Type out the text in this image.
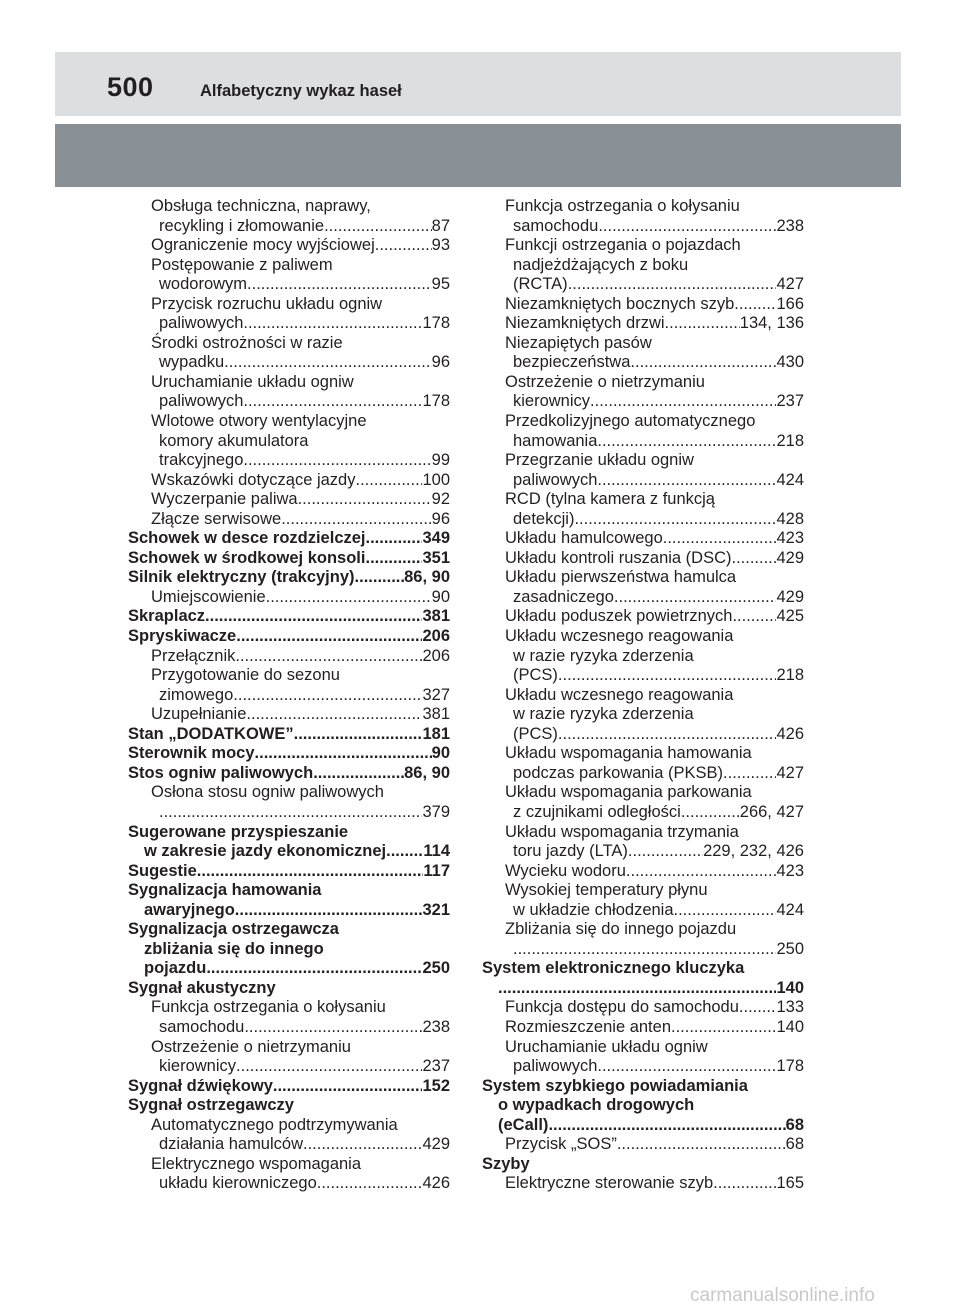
500	Alfabetyczny wykaz haseł
Obsługa techniczna, naprawy,
recykling i złomowanie .....	87
Ograniczenie mocy wyjściowej .....	93
Postępowanie z paliwem
wodorowym .....	95
Przycisk rozruchu układu ogniw
paliwowych .....	178
Środki ostrożności w razie
wypadku .....	96
Uruchamianie układu ogniw
paliwowych .....	178
Wlotowe otwory wentylacyjne
komory akumulatora
trakcyjnego .....	99
Wskazówki dotyczące jazdy .....	100
Wyczerpanie paliwa .....	92
Złącze serwisowe .....	96
Schowek w desce rozdzielczej .....	349
Schowek w środkowej konsoli .....	351
Silnik elektryczny (trakcyjny) .....	86, 90
Umiejscowienie .....	90
Skraplacz .....	381
Spryskiwacze .....	206
Przełącznik .....	206
Przygotowanie do sezonu
zimowego .....	327
Uzupełnianie .....	381
Stan „DODATKOWE” .....	181
Sterownik mocy .....	90
Stos ogniw paliwowych .....	86, 90
Osłona stosu ogniw paliwowych
.....
379
Sugerowane przyspieszanie
w zakresie jazdy ekonomicznej ..... 114
Sugestie .....	117
Sygnalizacja hamowania
awaryjnego .....	321
Sygnalizacja ostrzegawcza
zbliżania się do innego
pojazdu .....	250
Sygnał akustyczny
Funkcja ostrzegania o kołysaniu
samochodu .....	238
Ostrzeżenie o nietrzymaniu
kierownicy .....	237
Sygnał dźwiękowy .....	152
Sygnał ostrzegawczy
Automatycznego podtrzymywania
działania hamulców .....	429
Elektrycznego wspomagania
układu kierowniczego .....	426
Funkcja ostrzegania o kołysaniu
samochodu .....	238
Funkcji ostrzegania o pojazdach
nadjeżdżających z boku
(RCTA) .....	427
Niezamkniętych bocznych szyb .....	166
Niezamkniętych drzwi .....	134, 136
Niezapiętych pasów
bezpieczeństwa .....	430
Ostrzeżenie o nietrzymaniu
kierownicy .....	237
Przedkolizyjnego automatycznego
hamowania .....	218
Przegrzanie układu ogniw
paliwowych .....	424
RCD (tylna kamera z funkcją
detekcji) .....	428
Układu hamulcowego .....	423
Układu kontroli ruszania (DSC) .....	429
Układu pierwszeństwa hamulca
zasadniczego .....	429
Układu poduszek powietrznych .....	425
Układu wczesnego reagowania
w razie ryzyka zderzenia
(PCS) .....	218
Układu wczesnego reagowania
w razie ryzyka zderzenia
(PCS) .....	426
Układu wspomagania hamowania
podczas parkowania (PKSB) .....	427
Układu wspomagania parkowania
z czujnikami odległości .....	266, 427
Układu wspomagania trzymania
toru jazdy (LTA) .....	229, 232, 426
Wycieku wodoru .....	423
Wysokiej temperatury płynu
w układzie chłodzenia .....	424
Zbliżania się do innego pojazdu
.....
250
System elektronicznego kluczyka
.....
140
Funkcja dostępu do samochodu ..... 133
Rozmieszczenie anten .....	140
Uruchamianie układu ogniw
paliwowych .....	178
System szybkiego powiadamiania
o wypadkach drogowych
(eCall) .....	68
Przycisk „SOS” .....	68
Szyby
Elektryczne sterowanie szyb .....	165
carmanualsonline.info
